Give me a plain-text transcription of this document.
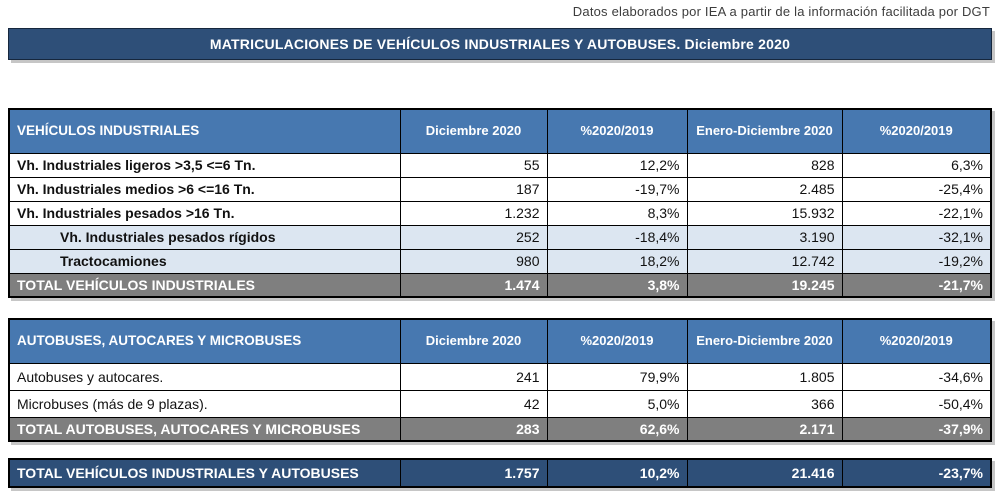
Datos elaborados por IEA a partir de la información facilitada por DGT
MATRICULACIONES DE VEHÍCULOS INDUSTRIALES Y AUTOBUSES. Diciembre 2020
VEHÍCULOS INDUSTRIALES	Diciembre 2020	%2020/2019	Enero-Diciembre 2020	%2020/2019
Vh. Industriales ligeros >3,5 <=6 Tn.	55	12,2%	828	6,3%
Vh. Industriales medios >6 <=16 Tn.	187	-19,7%	2.485	-25,4%
Vh. Industriales pesados >16 Tn.	1.232	8,3%	15.932	-22,1%
Vh. Industriales pesados rígidos	252	-18,4%	3.190	-32,1%
Tractocamiones	980	18,2%	12.742	-19,2%
TOTAL VEHÍCULOS INDUSTRIALES	1.474	3,8%	19.245	-21,7%
AUTOBUSES, AUTOCARES Y MICROBUSES	Diciembre 2020	%2020/2019	Enero-Diciembre 2020	%2020/2019
Autobuses y autocares.	241	79,9%	1.805	-34,6%
Microbuses (más de 9 plazas).	42	5,0%	366	-50,4%
TOTAL AUTOBUSES, AUTOCARES Y MICROBUSES	283	62,6%	2.171	-37,9%
TOTAL VEHÍCULOS INDUSTRIALES Y AUTOBUSES	1.757	10,2%	21.416	-23,7%
